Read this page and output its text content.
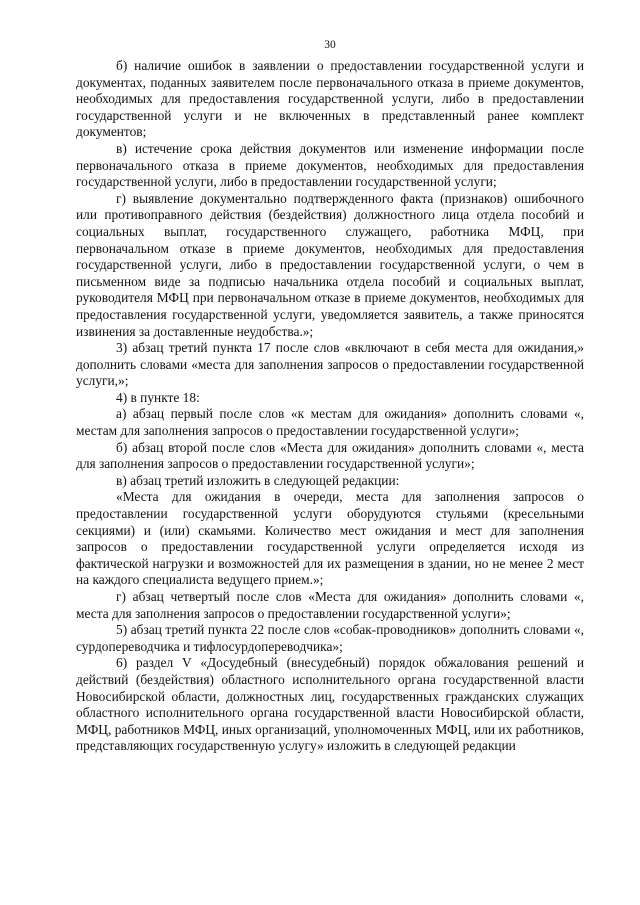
30

б) наличие ошибок в заявлении о предоставлении государственной услуги и документах, поданных заявителем после первоначального отказа в приеме документов, необходимых для предоставления государственной услуги, либо в предоставлении государственной услуги и не включенных в представленный ранее комплект документов;

в) истечение срока действия документов или изменение информации после первоначального отказа в приеме документов, необходимых для предоставления государственной услуги, либо в предоставлении государственной услуги;

г) выявление документально подтвержденного факта (признаков) ошибочного или противоправного действия (бездействия) должностного лица отдела пособий и социальных выплат, государственного служащего, работника МФЦ, при первоначальном отказе в приеме документов, необходимых для предоставления государственной услуги, либо в предоставлении государственной услуги, о чем в письменном виде за подписью начальника отдела пособий и социальных выплат, руководителя МФЦ при первоначальном отказе в приеме документов, необходимых для предоставления государственной услуги, уведомляется заявитель, а также приносятся извинения за доставленные неудобства.»;

3) абзац третий пункта 17 после слов «включают в себя места для ожидания,» дополнить словами «места для заполнения запросов о предоставлении государственной услуги,»;

4) в пункте 18:

а) абзац первый после слов «к местам для ожидания» дополнить словами «, местам для заполнения запросов о предоставлении государственной услуги»;

б) абзац второй после слов «Места для ожидания» дополнить словами «, места для заполнения запросов о предоставлении государственной услуги»;

в) абзац третий изложить в следующей редакции:

«Места для ожидания в очереди, места для заполнения запросов о предоставлении государственной услуги оборудуются стульями (кресельными секциями) и (или) скамьями. Количество мест ожидания и мест для заполнения запросов о предоставлении государственной услуги определяется исходя из фактической нагрузки и возможностей для их размещения в здании, но не менее 2 мест на каждого специалиста ведущего прием.»;

г) абзац четвертый после слов «Места для ожидания» дополнить словами «, места для заполнения запросов о предоставлении государственной услуги»;

5) абзац третий пункта 22 после слов «собак-проводников» дополнить словами «, сурдопереводчика и тифлосурдопереводчика»;

6) раздел V «Досудебный (внесудебный) порядок обжалования решений и действий (бездействия) областного исполнительного органа государственной власти Новосибирской области, должностных лиц, государственных гражданских служащих областного исполнительного органа государственной власти Новосибирской области, МФЦ, работников МФЦ, иных организаций, уполномоченных МФЦ, или их работников, представляющих государственную услугу» изложить в следующей редакции
